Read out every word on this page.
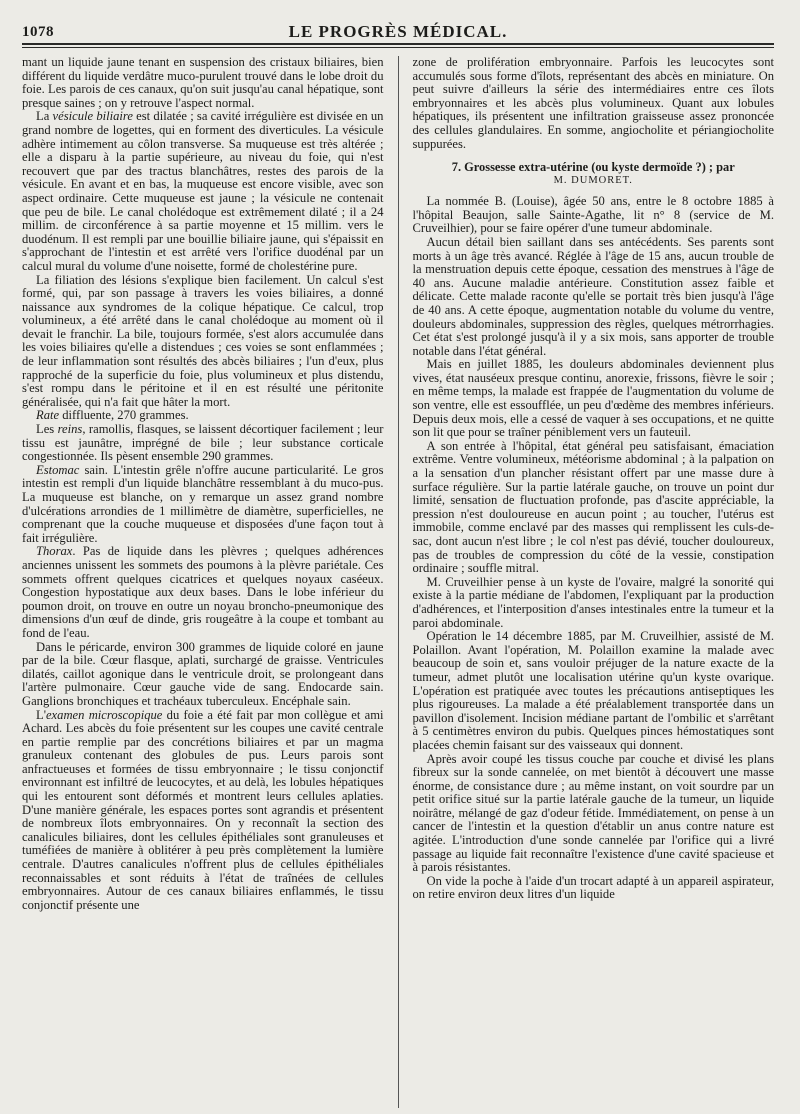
1078	LE PROGRÈS MÉDICAL.

mant un liquide jaune tenant en suspension des cristaux biliaires, bien différent du liquide verdâtre muco-purulent trouvé dans le lobe droit du foie. Les parois de ces canaux, qu'on suit jusqu'au canal hépatique, sont presque saines ; on y retrouve l'aspect normal.

La vésicule biliaire est dilatée ; sa cavité irrégulière est divisée en un grand nombre de logettes, qui en forment des diverticules. La vésicule adhère intimement au côlon transverse. Sa muqueuse est très altérée ; elle a disparu à la partie supérieure, au niveau du foie, qui n'est recouvert que par des tractus blanchâtres, restes des parois de la vésicule. En avant et en bas, la muqueuse est encore visible, avec son aspect ordinaire. Cette muqueuse est jaune ; la vésicule ne contenait que peu de bile. Le canal cholédoque est extrêmement dilaté ; il a 24 millim. de circonférence à sa partie moyenne et 15 millim. vers le duodénum. Il est rempli par une bouillie biliaire jaune, qui s'épaissit en s'approchant de l'intestin et est arrêté vers l'orifice duodénal par un calcul mural du volume d'une noisette, formé de cholestérine pure.

La filiation des lésions s'explique bien facilement. Un calcul s'est formé, qui, par son passage à travers les voies biliaires, a donné naissance aux syndromes de la colique hépatique. Ce calcul, trop volumineux, a été arrêté dans le canal cholédoque au moment où il devait le franchir. La bile, toujours formée, s'est alors accumulée dans les voies biliaires qu'elle a distendues ; ces voies se sont enflammées ; de leur inflammation sont résultés des abcès biliaires ; l'un d'eux, plus rapproché de la superficie du foie, plus volumineux et plus distendu, s'est rompu dans le péritoine et il en est résulté une péritonite généralisée, qui n'a fait que hâter la mort.

Rate diffluente, 270 grammes.

Les reins, ramollis, flasques, se laissent décortiquer facilement ; leur tissu est jaunâtre, imprégné de bile ; leur substance corticale congestionnée. Ils pèsent ensemble 290 grammes.

Estomac sain. L'intestin grêle n'offre aucune particularité. Le gros intestin est rempli d'un liquide blanchâtre ressemblant à du muco-pus. La muqueuse est blanche, on y remarque un assez grand nombre d'ulcérations arrondies de 1 millimètre de diamètre, superficielles, ne comprenant que la couche muqueuse et disposées d'une façon tout à fait irrégulière.

Thorax. Pas de liquide dans les plèvres ; quelques adhérences anciennes unissent les sommets des poumons à la plèvre pariétale. Ces sommets offrent quelques cicatrices et quelques noyaux caséeux. Congestion hypostatique aux deux bases. Dans le lobe inférieur du poumon droit, on trouve en outre un noyau broncho-pneumonique des dimensions d'un œuf de dinde, gris rougeâtre à la coupe et tombant au fond de l'eau.

Dans le péricarde, environ 300 grammes de liquide coloré en jaune par de la bile. Cœur flasque, aplati, surchargé de graisse. Ventricules dilatés, caillot agonique dans le ventricule droit, se prolongeant dans l'artère pulmonaire. Cœur gauche vide de sang. Endocarde sain. Ganglions bronchiques et trachéaux tuberculeux. Encéphale sain.

L'examen microscopique du foie a été fait par mon collègue et ami Achard. Les abcès du foie présentent sur les coupes une cavité centrale en partie remplie par des concrétions biliaires et par un magma granuleux contenant des globules de pus. Leurs parois sont anfractueuses et formées de tissu embryonnaire ; le tissu conjonctif environnant est infiltré de leucocytes, et au delà, les lobules hépatiques qui les entourent sont déformés et montrent leurs cellules aplaties. D'une manière générale, les espaces portes sont agrandis et présentent de nombreux îlots embryonnaires. On y reconnaît la section des canalicules biliaires, dont les cellules épithéliales sont granuleuses et tuméfiées de manière à oblitérer à peu près complètement la lumière centrale. D'autres canalicules n'offrent plus de cellules épithéliales reconnaissables et sont réduits à l'état de traînées de cellules embryonnaires. Autour de ces canaux biliaires enflammés, le tissu conjonctif présente une

zone de prolifération embryonnaire. Parfois les leucocytes sont accumulés sous forme d'îlots, représentant des abcès en miniature. On peut suivre d'ailleurs la série des intermédiaires entre ces îlots embryonnaires et les abcès plus volumineux. Quant aux lobules hépatiques, ils présentent une infiltration graisseuse assez prononcée des cellules glandulaires. En somme, angiocholite et périangiocholite suppurées.

7. Grossesse extra-utérine (ou kyste dermoïde ?) ; par
M. DUMORET.

La nommée B. (Louise), âgée 50 ans, entre le 8 octobre 1885 à l'hôpital Beaujon, salle Sainte-Agathe, lit n° 8 (service de M. Cruveilhier), pour se faire opérer d'une tumeur abdominale.

Aucun détail bien saillant dans ses antécédents. Ses parents sont morts à un âge très avancé. Réglée à l'âge de 15 ans, aucun trouble de la menstruation depuis cette époque, cessation des menstrues à l'âge de 40 ans. Aucune maladie antérieure. Constitution assez faible et délicate. Cette malade raconte qu'elle se portait très bien jusqu'à l'âge de 40 ans. A cette époque, augmentation notable du volume du ventre, douleurs abdominales, suppression des règles, quelques métrorrhagies. Cet état s'est prolongé jusqu'à il y a six mois, sans apporter de trouble notable dans l'état général.

Mais en juillet 1885, les douleurs abdominales deviennent plus vives, état nauséeux presque continu, anorexie, frissons, fièvre le soir ; en même temps, la malade est frappée de l'augmentation du volume de son ventre, elle est essoufflée, un peu d'œdème des membres inférieurs. Depuis deux mois, elle a cessé de vaquer à ses occupations, et ne quitte son lit que pour se traîner péniblement vers un fauteuil.

A son entrée à l'hôpital, état général peu satisfaisant, émaciation extrême. Ventre volumineux, météorisme abdominal ; à la palpation on a la sensation d'un plancher résistant offert par une masse dure à surface régulière. Sur la partie latérale gauche, on trouve un point dur limité, sensation de fluctuation profonde, pas d'ascite appréciable, la pression n'est douloureuse en aucun point ; au toucher, l'utérus est immobile, comme enclavé par des masses qui remplissent les culs-de-sac, dont aucun n'est libre ; le col n'est pas dévié, toucher douloureux, pas de troubles de compression du côté de la vessie, constipation ordinaire ; souffle mitral.

M. Cruveilhier pense à un kyste de l'ovaire, malgré la sonorité qui existe à la partie médiane de l'abdomen, l'expliquant par la production d'adhérences, et l'interposition d'anses intestinales entre la tumeur et la paroi abdominale.

Opération le 14 décembre 1885, par M. Cruveilhier, assisté de M. Polaillon. Avant l'opération, M. Polaillon examine la malade avec beaucoup de soin et, sans vouloir préjuger de la nature exacte de la tumeur, admet plutôt une localisation utérine qu'un kyste ovarique. L'opération est pratiquée avec toutes les précautions antiseptiques les plus rigoureuses. La malade a été préalablement transportée dans un pavillon d'isolement. Incision médiane partant de l'ombilic et s'arrêtant à 5 centimètres environ du pubis. Quelques pinces hémostatiques sont placées chemin faisant sur des vaisseaux qui donnent.

Après avoir coupé les tissus couche par couche et divisé les plans fibreux sur la sonde cannelée, on met bientôt à découvert une masse énorme, de consistance dure ; au même instant, on voit sourdre par un petit orifice situé sur la partie latérale gauche de la tumeur, un liquide noirâtre, mélangé de gaz d'odeur fétide. Immédiatement, on pense à un cancer de l'intestin et la question d'établir un anus contre nature est agitée. L'introduction d'une sonde cannelée par l'orifice qui a livré passage au liquide fait reconnaître l'existence d'une cavité spacieuse et à parois résistantes.

On vide la poche à l'aide d'un trocart adapté à un appareil aspirateur, on retire environ deux litres d'un liquide
